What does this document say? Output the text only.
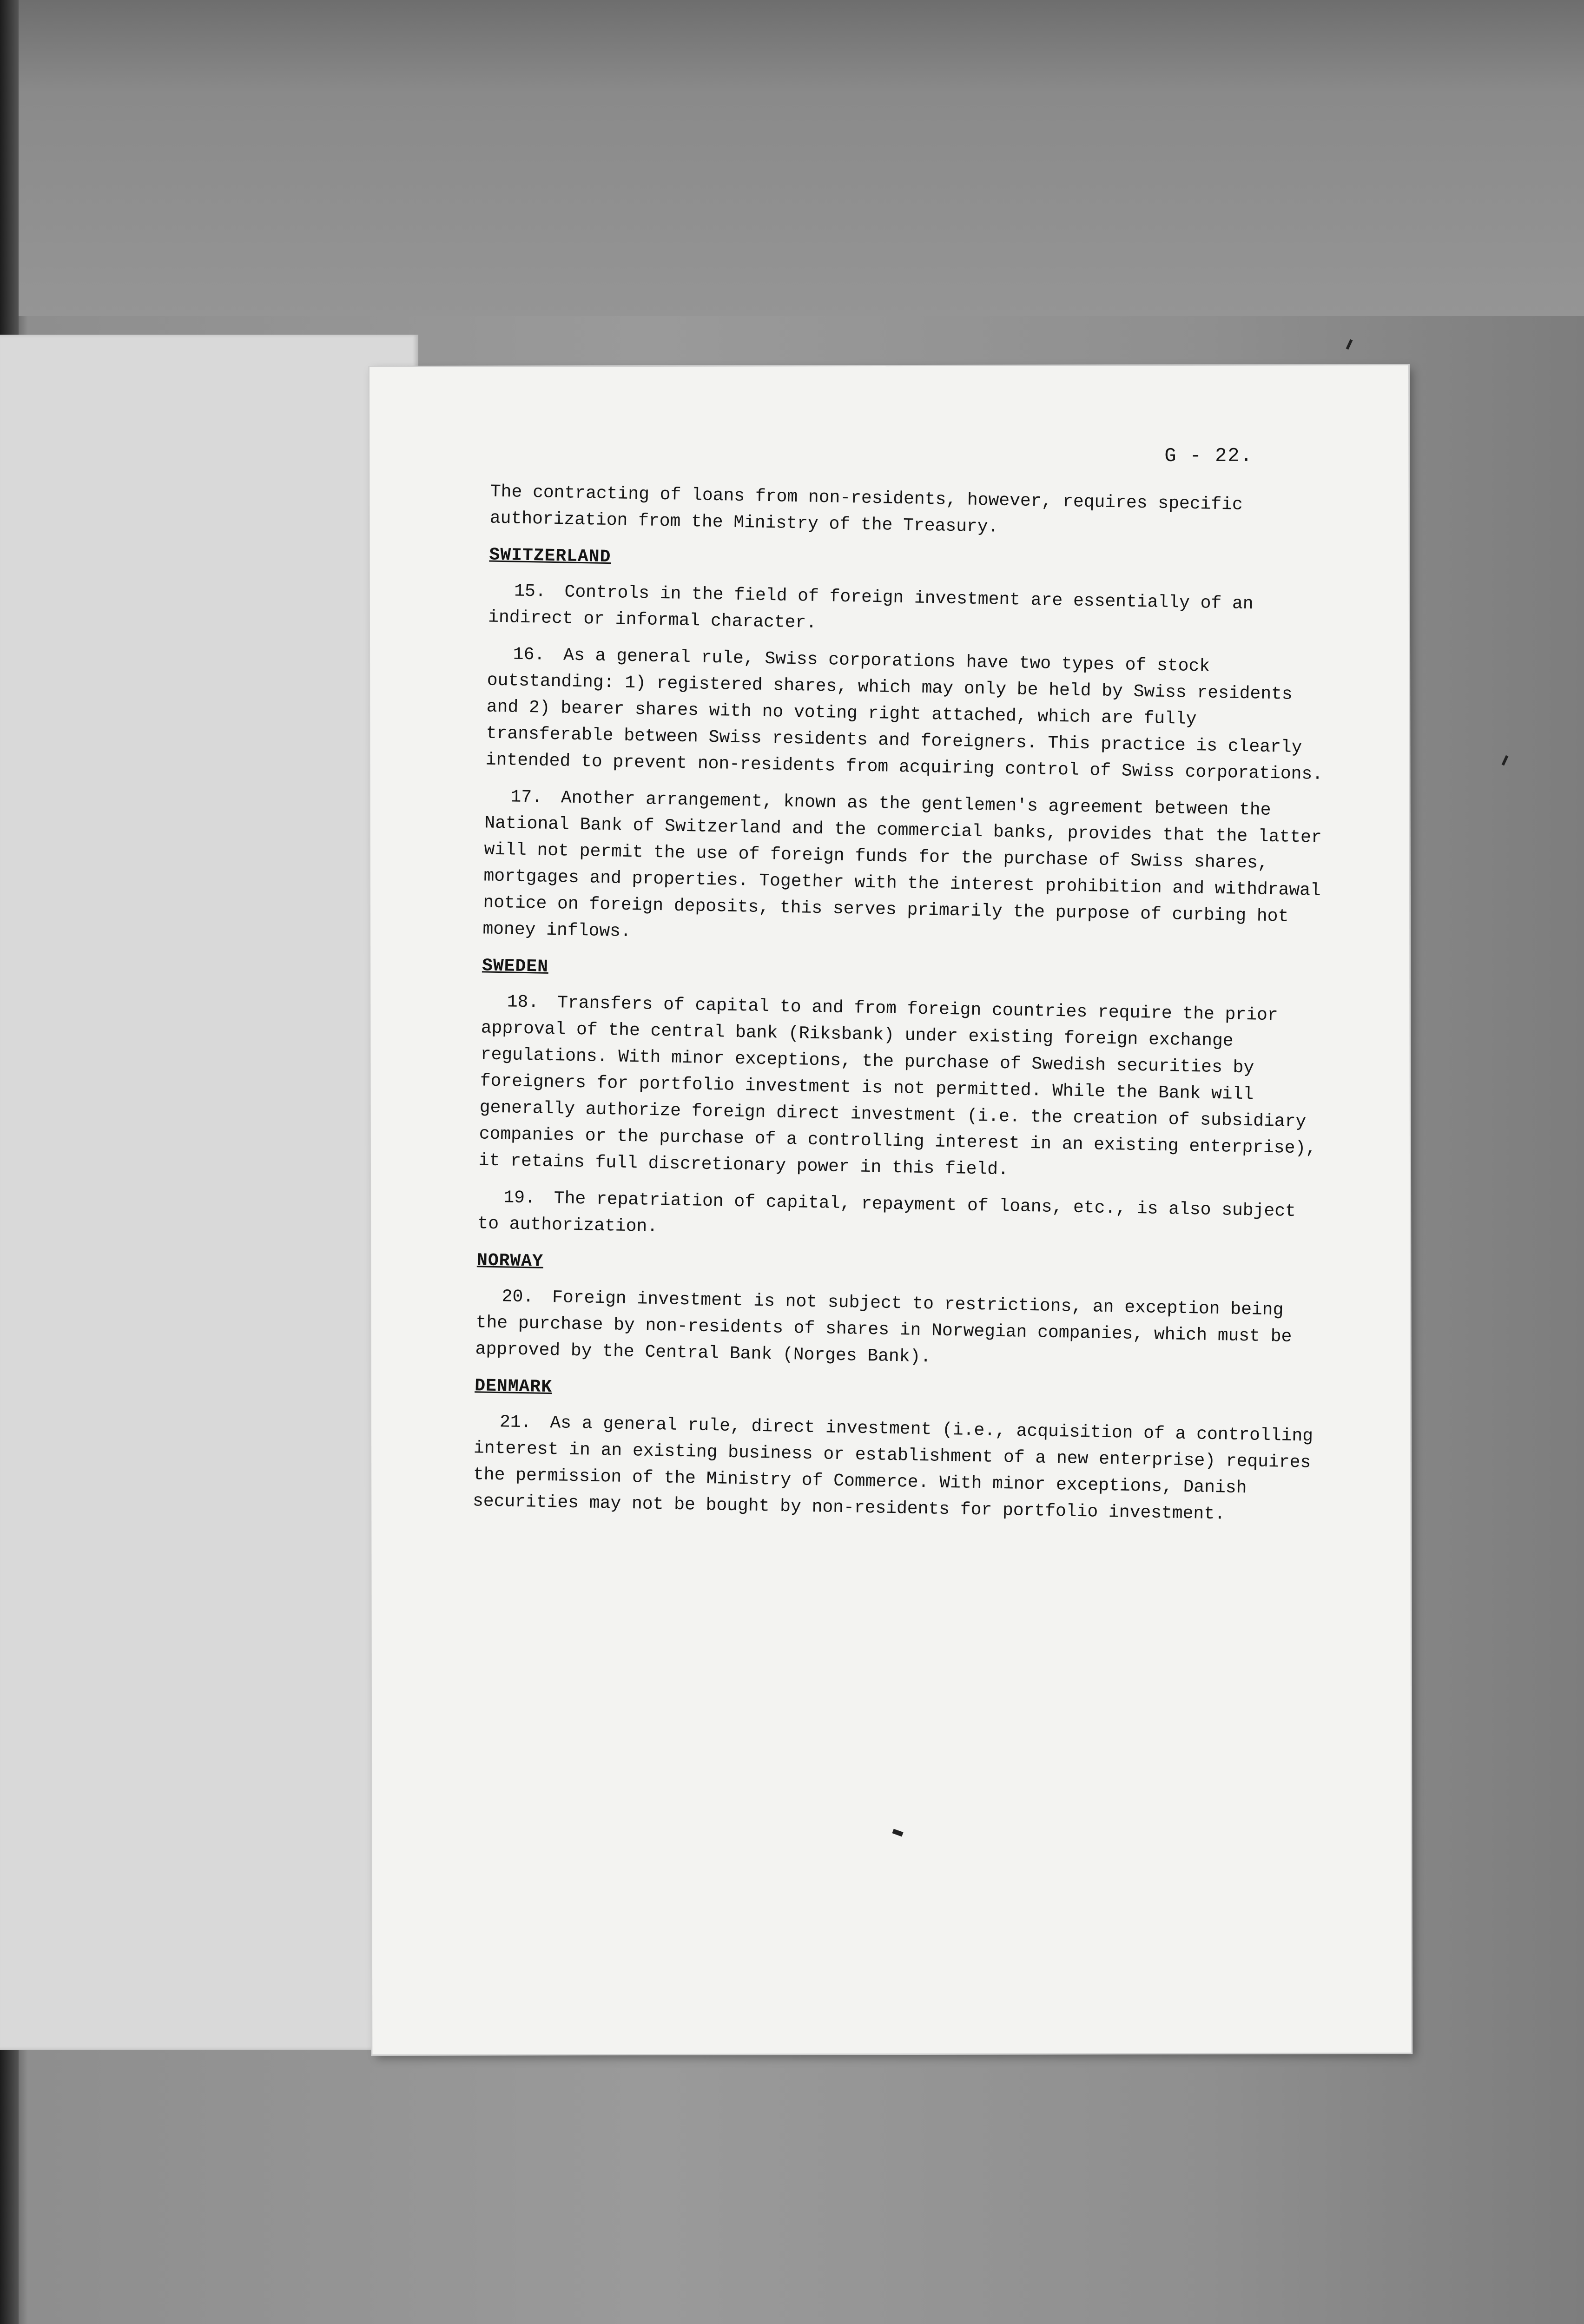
G - 22.
The contracting of loans from non-residents, however, requires specific authorization from the Ministry of the Treasury.
SWITZERLAND
15. Controls in the field of foreign investment are essentially of an indirect or informal character.
16. As a general rule, Swiss corporations have two types of stock outstanding: 1) registered shares, which may only be held by Swiss residents and 2) bearer shares with no voting right attached, which are fully transferable between Swiss residents and foreigners. This practice is clearly intended to prevent non-residents from acquiring control of Swiss corporations.
17. Another arrangement, known as the gentlemen's agreement between the National Bank of Switzerland and the commercial banks, provides that the latter will not permit the use of foreign funds for the purchase of Swiss shares, mortgages and properties. Together with the interest prohibition and withdrawal notice on foreign deposits, this serves primarily the purpose of curbing hot money inflows.
SWEDEN
18. Transfers of capital to and from foreign countries require the prior approval of the central bank (Riksbank) under existing foreign exchange regulations. With minor exceptions, the purchase of Swedish securities by foreigners for portfolio investment is not permitted. While the Bank will generally authorize foreign direct investment (i.e. the creation of subsidiary companies or the purchase of a controlling interest in an existing enterprise), it retains full discretionary power in this field.
19. The repatriation of capital, repayment of loans, etc., is also subject to authorization.
NORWAY
20. Foreign investment is not subject to restrictions, an exception being the purchase by non-residents of shares in Norwegian companies, which must be approved by the Central Bank (Norges Bank).
DENMARK
21. As a general rule, direct investment (i.e., acquisition of a controlling interest in an existing business or establishment of a new enterprise) requires the permission of the Ministry of Commerce. With minor exceptions, Danish securities may not be bought by non-residents for portfolio investment.
